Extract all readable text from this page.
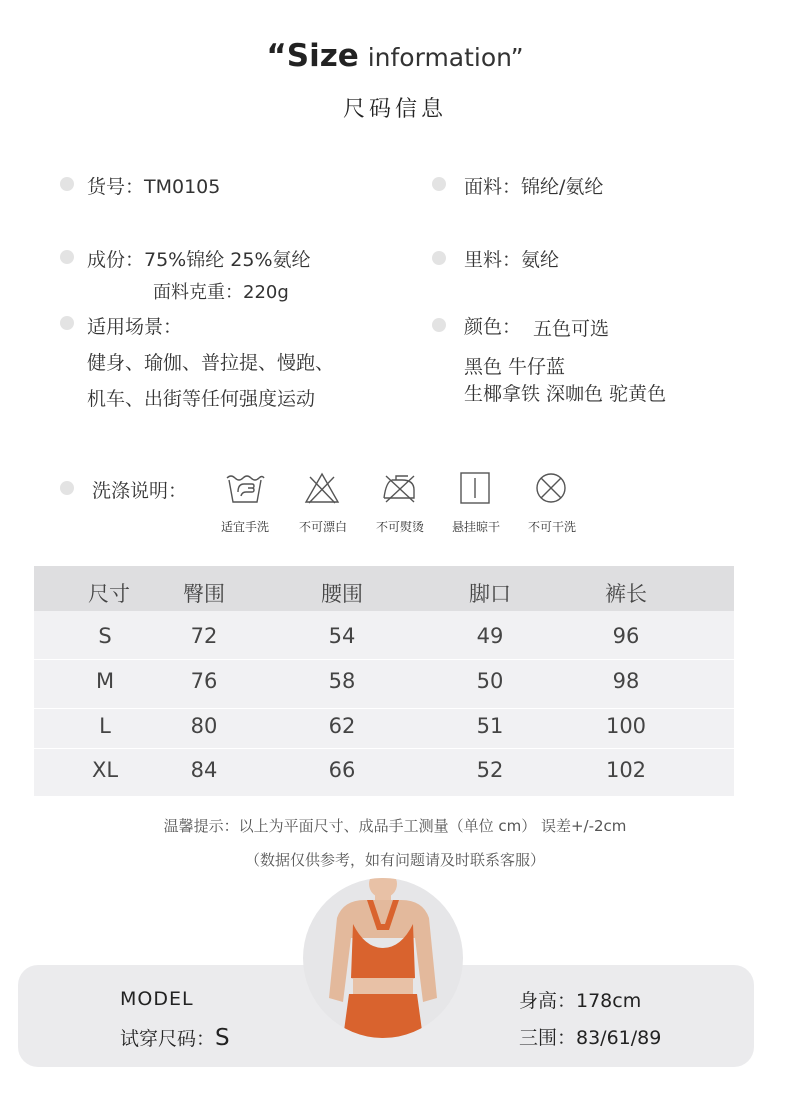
“Size information”
尺码信息
货号：TM0105	面料：锦纶/氨纶
成份：75%锦纶 25%氨纶	里料：氨纶
面料克重：220g
适用场景：	颜色： 五色可选
健身、瑜伽、普拉提、慢跑、
机车、出街等任何强度运动
黑色 牛仔蓝
生椰拿铁 深咖色 驼黄色
洗涤说明：
适宜手洗	不可漂白	不可熨烫	悬挂晾干	不可干洗
尺寸	臀围	腰围	脚口	裤长
S	72	54	49	96
M	76	58	50	98
L	80	62	51	100
XL	84	66	52	102
温馨提示：以上为平面尺寸、成品手工测量（单位 cm） 误差+/-2cm
（数据仅供参考，如有问题请及时联系客服）
MODEL
试穿尺码：S
身高：178cm
三围：83/61/89
